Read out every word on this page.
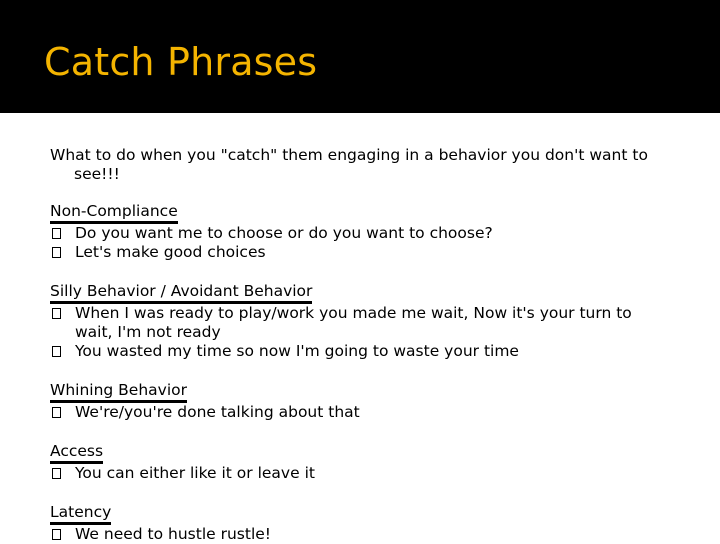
Catch Phrases
What to do when you "catch" them engaging in a behavior you don't want to
see!!!
Non-Compliance
Do you want me to choose or do you want to choose?
Let's make good choices
Silly Behavior / Avoidant Behavior
When I was ready to play/work you made me wait, Now it's your turn to
wait, I'm not ready
You wasted my time so now I'm going to waste your time
Whining Behavior
We're/you're done talking about that
Access
You can either like it or leave it
Latency
We need to hustle rustle!
